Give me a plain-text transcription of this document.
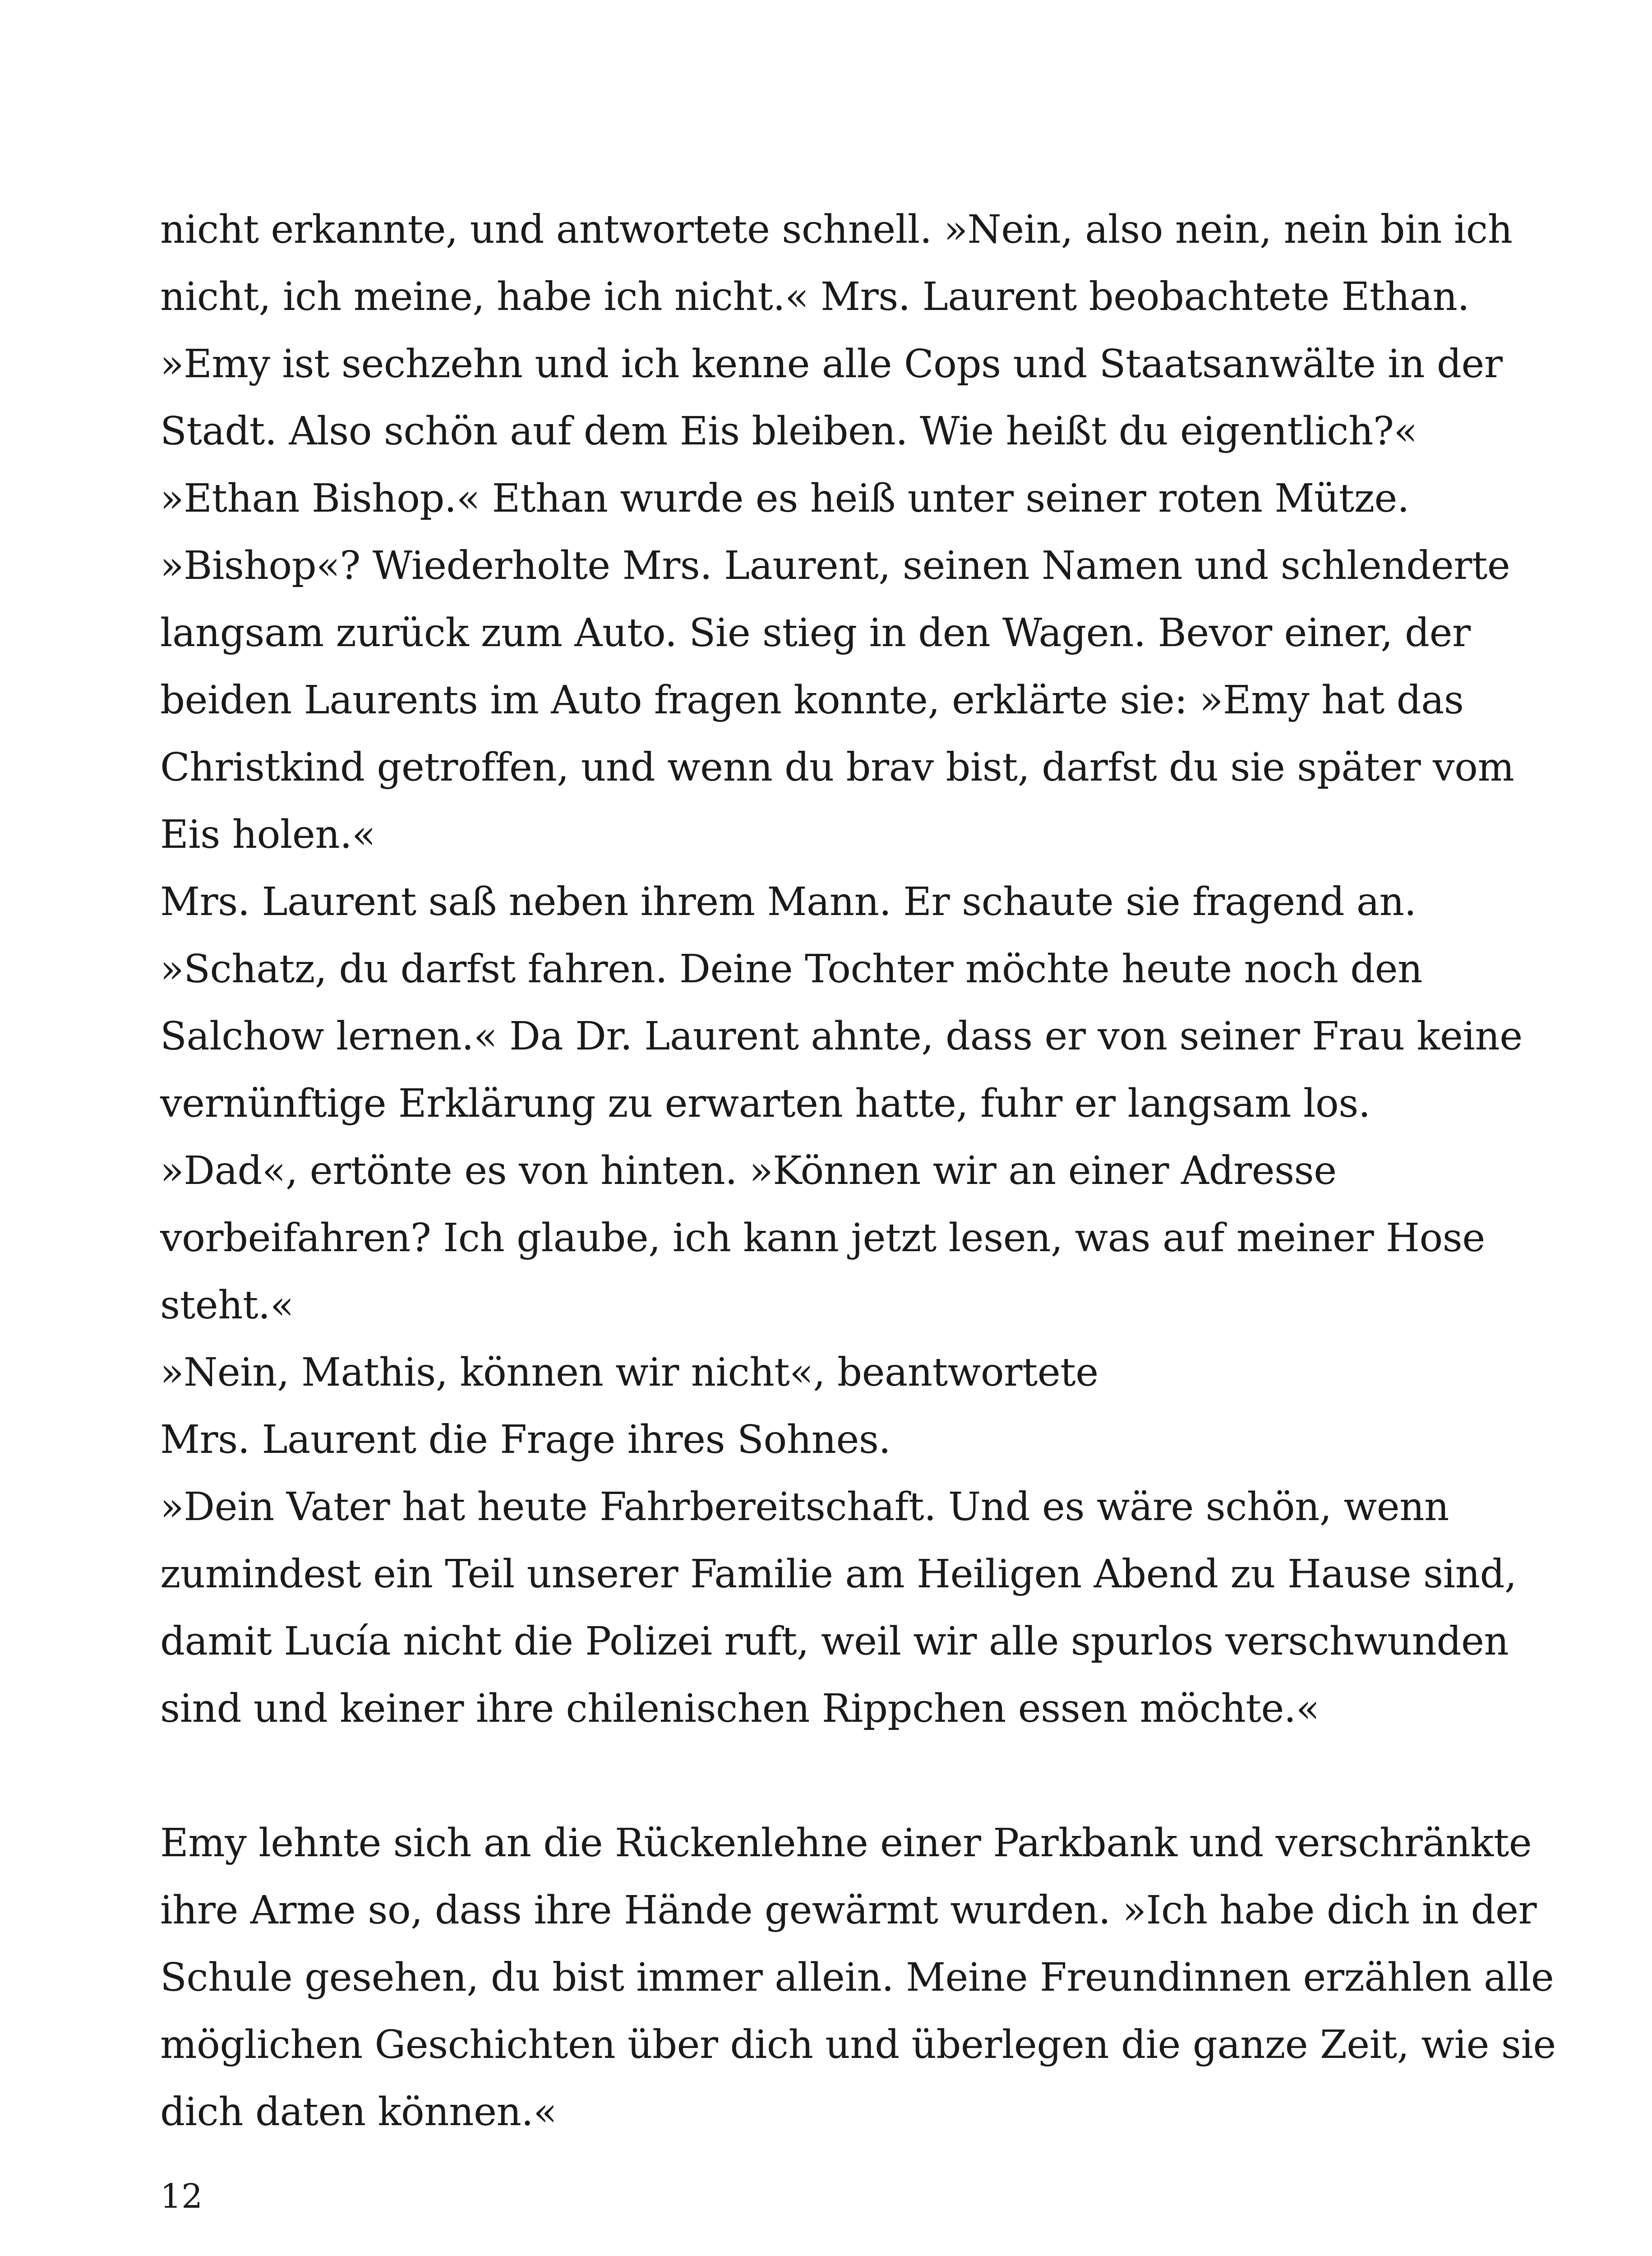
nicht erkannte, und antwortete schnell. »Nein, also nein, nein bin ich
nicht, ich meine, habe ich nicht.« Mrs. Laurent beobachtete Ethan.
»Emy ist sechzehn und ich kenne alle Cops und Staatsanwälte in der
Stadt. Also schön auf dem Eis bleiben. Wie heißt du eigentlich?«
»Ethan Bishop.« Ethan wurde es heiß unter seiner roten Mütze.
»Bishop«? Wiederholte Mrs. Laurent, seinen Namen und schlenderte
langsam zurück zum Auto. Sie stieg in den Wagen. Bevor einer, der
beiden Laurents im Auto fragen konnte, erklärte sie: »Emy hat das
Christkind getroffen, und wenn du brav bist, darfst du sie später vom
Eis holen.«
Mrs. Laurent saß neben ihrem Mann. Er schaute sie fragend an.
»Schatz, du darfst fahren. Deine Tochter möchte heute noch den
Salchow lernen.« Da Dr. Laurent ahnte, dass er von seiner Frau keine
vernünftige Erklärung zu erwarten hatte, fuhr er langsam los.
»Dad«, ertönte es von hinten. »Können wir an einer Adresse
vorbeifahren? Ich glaube, ich kann jetzt lesen, was auf meiner Hose
steht.«
»Nein, Mathis, können wir nicht«, beantwortete
Mrs. Laurent die Frage ihres Sohnes.
»Dein Vater hat heute Fahrbereitschaft. Und es wäre schön, wenn
zumindest ein Teil unserer Familie am Heiligen Abend zu Hause sind,
damit Lucía nicht die Polizei ruft, weil wir alle spurlos verschwunden
sind und keiner ihre chilenischen Rippchen essen möchte.«
Emy lehnte sich an die Rückenlehne einer Parkbank und verschränkte
ihre Arme so, dass ihre Hände gewärmt wurden. »Ich habe dich in der
Schule gesehen, du bist immer allein. Meine Freundinnen erzählen alle
möglichen Geschichten über dich und überlegen die ganze Zeit, wie sie
dich daten können.«
12
